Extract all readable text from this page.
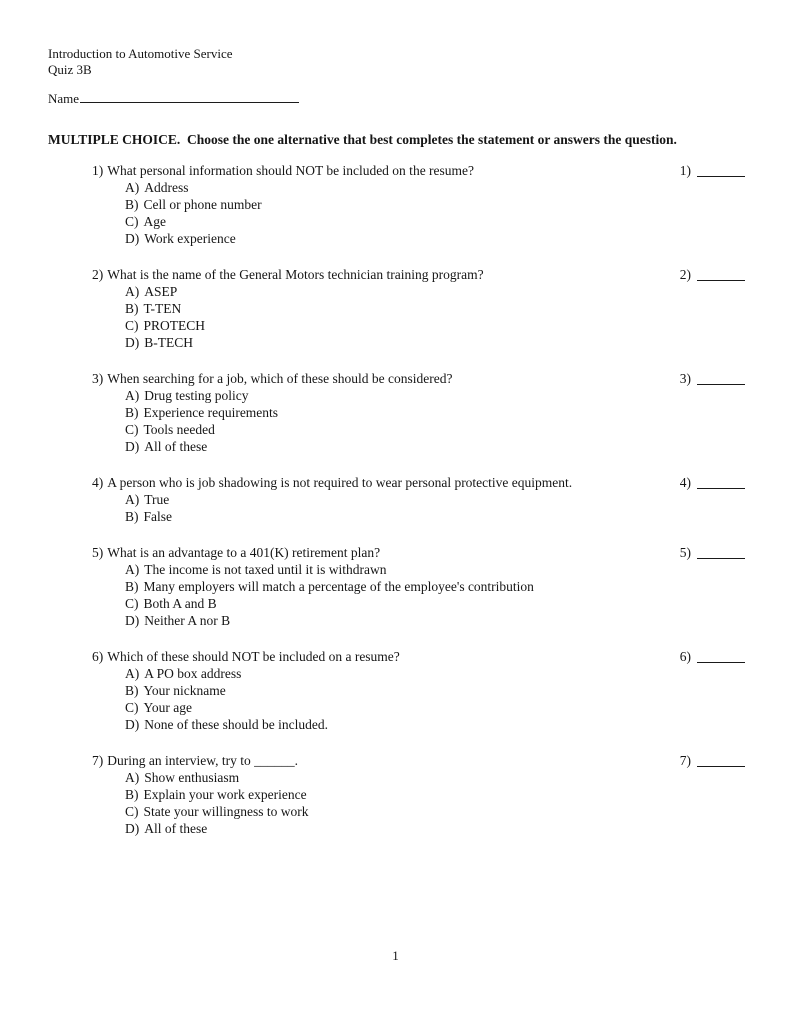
Introduction to Automotive Service
Quiz 3B
Name
MULTIPLE CHOICE.  Choose the one alternative that best completes the statement or answers the question.
1) What personal information should NOT be included on the resume?
A) Address
B) Cell or phone number
C) Age
D) Work experience
1)
2) What is the name of the General Motors technician training program?
A) ASEP
B) T-TEN
C) PROTECH
D) B-TECH
2)
3) When searching for a job, which of these should be considered?
A) Drug testing policy
B) Experience requirements
C) Tools needed
D) All of these
3)
4) A person who is job shadowing is not required to wear personal protective equipment.
A) True
B) False
4)
5) What is an advantage to a 401(K) retirement plan?
A) The income is not taxed until it is withdrawn
B) Many employers will match a percentage of the employee's contribution
C) Both A and B
D) Neither A nor B
5)
6) Which of these should NOT be included on a resume?
A) A PO box address
B) Your nickname
C) Your age
D) None of these should be included.
6)
7) During an interview, try to ______.
A) Show enthusiasm
B) Explain your work experience
C) State your willingness to work
D) All of these
7)
1
